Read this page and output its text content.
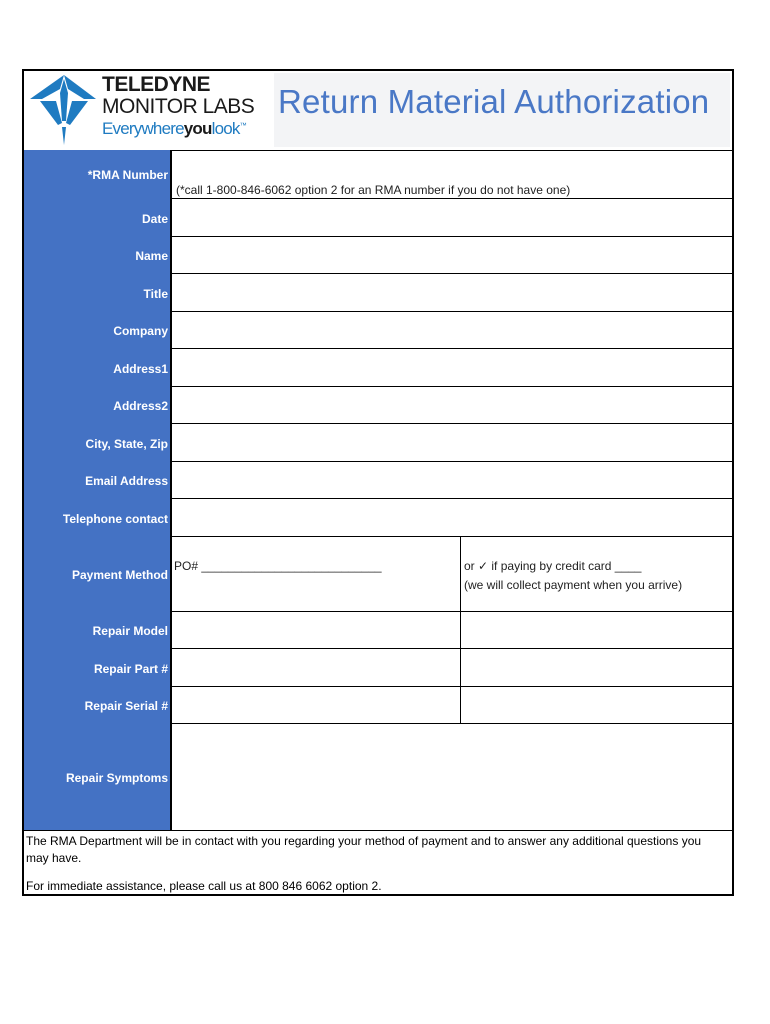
TELEDYNE
MONITOR LABS
Everywhereyoulook™
Return Material Authorization
*RMA Number
Date
Name
Title
Company
Address1
Address2
City, State, Zip
Email Address
Telephone contact
Payment Method
Repair Model
Repair Part #
Repair Serial #
Repair Symptoms
(*call 1-800-846-6062 option 2 for an RMA number if you do not have one)
PO# ___________________________	or ✓ if paying by credit card ____
(we will collect payment when you arrive)
The RMA Department will be in contact with you regarding your method of payment and to answer any additional questions you
may have.
For immediate assistance, please call us at 800 846 6062 option 2.
